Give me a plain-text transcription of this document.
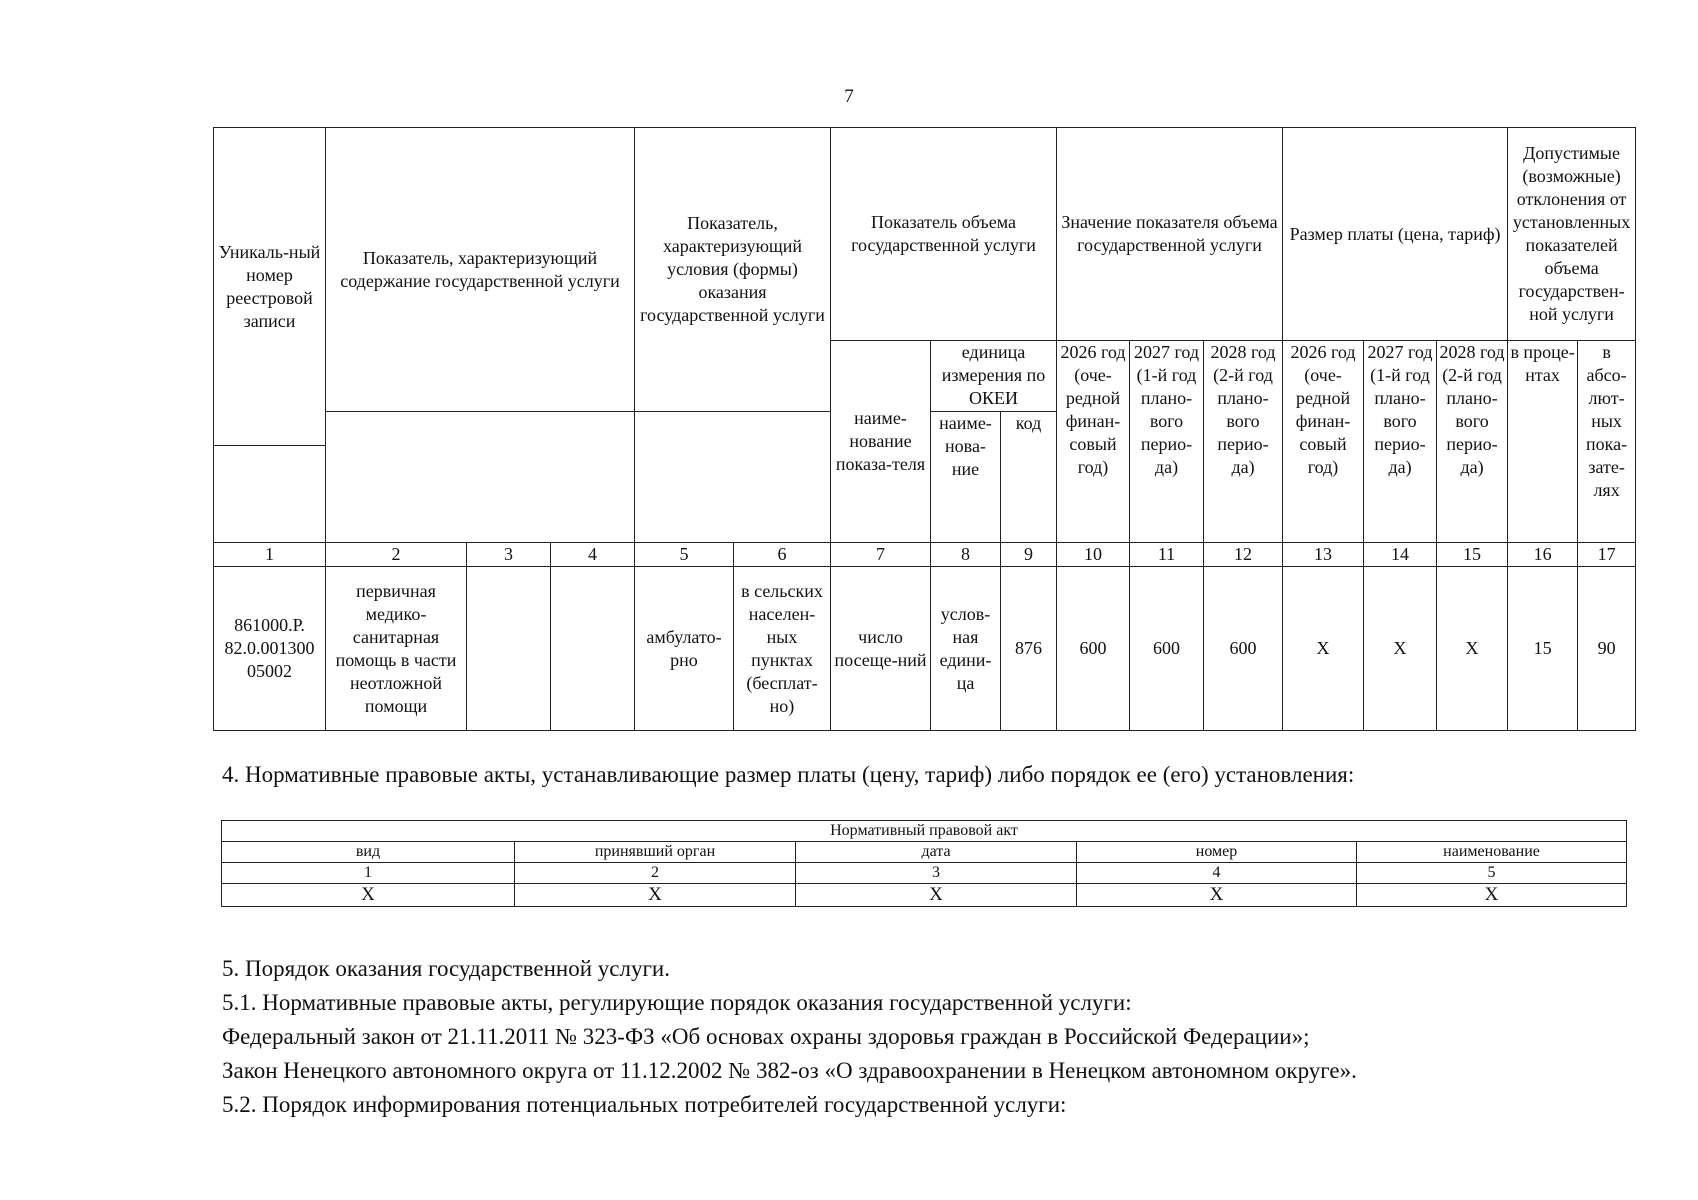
7
Уникаль-ный номер реестровой записи	Показатель, характеризующий содержание государственной услуги			Показатель, характеризующий условия (формы) оказания государственной услуги		Показатель объема государственной услуги			Значение показателя объема государственной услуги			Размер платы (цена, тариф)			Допустимые (возможные) отклонения от установленных показателей объема государствен-ной услуги		
						наиме-нование показа-теля	единица измерения по ОКЕИ		2026 год (оче-редной финан-совый год)	2027 год (1-й год плано-вого перио-да)	2028 год (2-й год плано-вого перио-да)	2026 год (оче-редной финан-совый год)	2027 год (1-й год плано-вого перио-да)	2028 год (2-й год плано-вого перио-да)	в проце-нтах	в абсо-лют-ных пока-зате-лях	
							наиме-нова-ние	код									

1	2	3	4	5	6	7	8	9	10	11	12	13	14	15	16	17	
861000.Р. 82.0.001300 05002	первичная медико-санитарная помощь в части неотложной помощи			амбулато-рно	в сельских населен-ных пунктах (бесплат-но)	число посеще-ний	услов-ная едини-ца	876	600	600	600	X	X	X	15	90	
4. Нормативные правовые акты, устанавливающие размер платы (цену, тариф) либо порядок ее (его) установления:
Нормативный правовой акт				
вид	принявший орган	дата	номер	наименование
1	2	3	4	5
X	X	X	X	X
5. Порядок оказания государственной услуги.
5.1. Нормативные правовые акты, регулирующие порядок оказания государственной услуги:
Федеральный закон от 21.11.2011 № 323-ФЗ «Об основах охраны здоровья граждан в Российской Федерации»;
Закон Ненецкого автономного округа от 11.12.2002 № 382-оз «О здравоохранении в Ненецком автономном округе».
5.2. Порядок информирования потенциальных потребителей государственной услуги:
